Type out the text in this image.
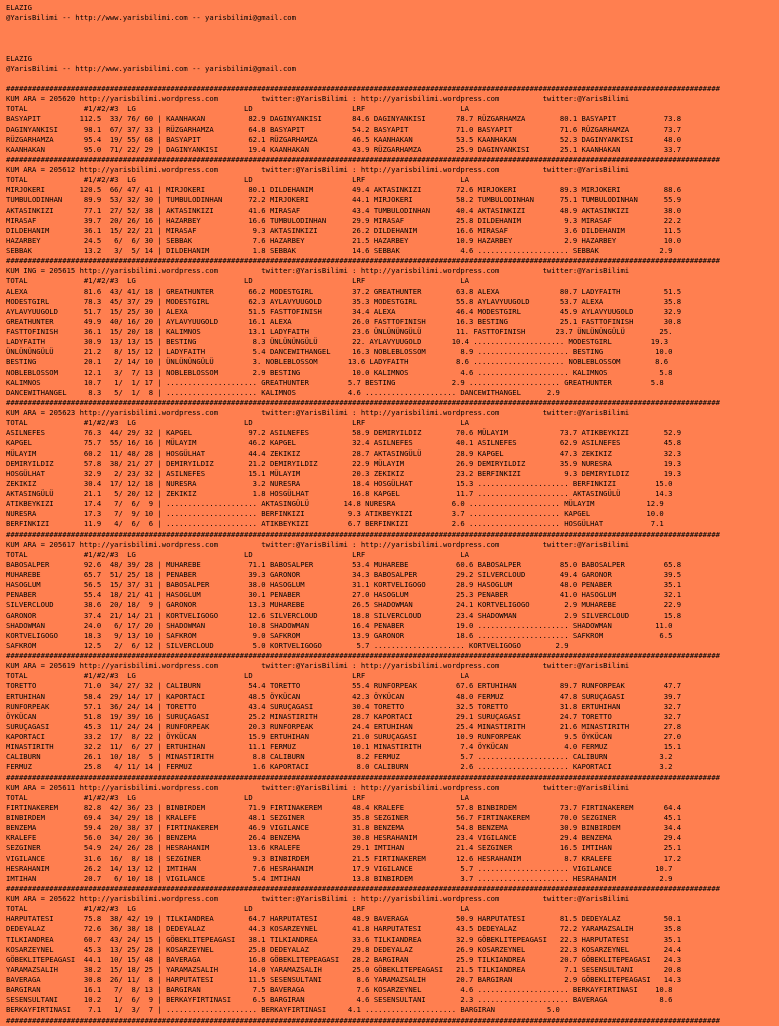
ELAZIG
@YarisBilimi -- http://www.yarisbilimi.com -- yarisbilimi@gmail.com
ELAZIG
@YarisBilimi -- http://www.yarisbilimi.com -- yarisbilimi@gmail.com
#####################################################################################################################################################################
KUM ARA = 205620 http://yarisbilimi.wordpress.com          twitter:@YarisBilimi : http://yarisbilimi.wordpress.com          twitter:@YarisBilimi
TOTAL             #1/#2/#3  LG                         LD                       LRF                      LA
BASYAPIT         112.5  33/ 76/ 60 | KAANHAKAN          82.9 DAGINYANKISI       84.6 DAGINYANKISI       78.7 RÜZGARHAMZA        80.1 BASYAPIT           73.8
DAGINYANKISI      98.1  67/ 37/ 33 | RÜZGARHAMZA        64.8 BASYAPIT           54.2 BASYAPIT           71.0 BASYAPIT           71.6 RÜZGARHAMZA        73.7
RÜZGARHAMZA       95.4  19/ 55/ 68 | BASYAPIT           62.1 RÜZGARHAMZA        46.5 KAANHAKAN          53.5 KAANHAKAN          52.3 DAGINYANKISI       48.0
KAANHAKAN         95.0  71/ 22/ 29 | DAGINYANKISI       19.4 KAANHAKAN          43.9 RÜZGARHAMZA        25.9 DAGINYANKISI       25.1 KAANHAKAN          33.7
#####################################################################################################################################################################
KUM ARA = 205612 http://yarisbilimi.wordpress.com          twitter:@YarisBilimi : http://yarisbilimi.wordpress.com          twitter:@YarisBilimi
TOTAL             #1/#2/#3  LG                         LD                       LRF                      LA
MIRJOKERI        120.5  66/ 47/ 41 | MIRJOKERI          80.1 DILDEHANIM         49.4 AKTASINKIZI        72.6 MIRJOKERI          89.3 MIRJOKERI          88.6
TUMBULODINHAN     89.9  53/ 32/ 30 | TUMBULODINHAN      72.2 MIRJOKERI          44.1 MIRJOKERI          58.2 TUMBULODINHAN      75.1 TUMBULODINHAN      55.9
AKTASINKIZI       77.1  27/ 52/ 38 | AKTASINKIZI        41.6 MIRASAF            43.4 TUMBULODINHAN      40.4 AKTASINKIZI        48.9 AKTASINKIZI        38.0
MIRASAF           39.7  20/ 26/ 16 | HAZARBEY           16.6 TUMBULODINHAN      29.9 MIRASAF            25.8 DILDEHANIM          9.3 MIRASAF            22.2
DILDEHANIM        36.1  15/ 22/ 21 | MIRASAF             9.3 AKTASINKIZI        26.2 DILDEHANIM         16.6 MIRASAF             3.6 DILDEHANIM         11.5
HAZARBEY          24.5   6/  6/ 30 | SEBBAK              7.6 HAZARBEY           21.5 HAZARBEY           10.9 HAZARBEY            2.9 HAZARBEY           10.0
SEBBAK            13.2   3/  5/ 14 | DILDEHANIM          1.8 SEBBAK             14.6 SEBBAK              4.6 ..................... SEBBAK              2.9
#####################################################################################################################################################################
KUM ING = 205615 http://yarisbilimi.wordpress.com          twitter:@YarisBilimi : http://yarisbilimi.wordpress.com          twitter:@YarisBilimi
TOTAL             #1/#2/#3  LG                         LD                       LRF                      LA
ALEXA             81.6  43/ 41/ 18 | GREATHUNTER        66.2 MODESTGIRL         37.2 GREATHUNTER        63.8 ALEXA              80.7 LADYFAITH          51.5
MODESTGIRL        78.3  45/ 37/ 29 | MODESTGIRL         62.3 AYLAVYUUGOLD       35.3 MODESTGIRL         55.8 AYLAVYUUGOLD       53.7 ALEXA              35.8
AYLAVYUUGOLD      51.7  15/ 25/ 30 | ALEXA              51.5 FASTTOFINISH       34.4 ALEXA              46.4 MODESTGIRL         45.9 AYLAVYUUGOLD       32.9
GREATHUNTER       49.9  40/ 16/ 20 | AYLAVYUUGOLD       16.1 ALEXA              26.0 FASTTOFINISH       16.3 BESTING            25.1 FASTTOFINISH       30.8
FASTTOFINISH      36.1  15/ 20/ 18 | KALIMNOS           13.1 LADYFAITH          23.6 ÜNLÜNÜNGÜLÜ        11. FASTTOFINISH       23.7 ÜNLÜNÜNGÜLÜ        25.
LADYFAITH         30.9  13/ 13/ 15 | BESTING             8.3 ÜNLÜNÜNGÜLÜ        22. AYLAVYUUGOLD       10.4 ..................... MODESTGIRL         19.3
ÜNLÜNÜNGÜLÜ       21.2   8/ 15/ 12 | LADYFAITH           5.4 DANCEWITHANGEL     16.3 NOBLEBLOSSOM        8.9 ..................... BESTING            10.0
BESTING           20.1   2/ 14/ 10 | ÜNLÜNÜNGÜLÜ         3. NOBLEBLOSSOM       13.6 LADYFAITH           8.6 ..................... NOBLEBLOSSOM        8.6
NOBLEBLOSSOM      12.1   3/  7/ 13 | NOBLEBLOSSOM        2.9 BESTING            10.0 KALIMNOS            4.6 ..................... KALIMNOS            5.8
KALIMNOS          10.7   1/  1/ 17 | ..................... GREATHUNTER         5.7 BESTING             2.9 ..................... GREATHUNTER         5.8
DANCEWITHANGEL     8.3   5/  1/  8 | ..................... KALIMNOS            4.6 ..................... DANCEWITHANGEL      2.9
#####################################################################################################################################################################
KUM ARA = 205623 http://yarisbilimi.wordpress.com          twitter:@YarisBilimi : http://yarisbilimi.wordpress.com          twitter:@YarisBilimi
TOTAL             #1/#2/#3  LG                         LD                       LRF                      LA
ASILNEFES         76.3  44/ 29/ 32 | KAPGEL             97.2 ASILNEFES          58.9 DEMIRYILDIZ        70.6 MÜLAYIM            73.7 ATIKBEYKIZI        52.9
KAPGEL            75.7  55/ 16/ 16 | MÜLAYIM            46.2 KAPGEL             32.4 ASILNEFES          40.1 ASILNEFES          62.9 ASILNEFES          45.8
MÜLAYIM           60.2  11/ 48/ 28 | HOSGÜLHAT          44.4 ZEKIKIZ            28.7 AKTASINGÜLÜ        28.9 KAPGEL             47.3 ZEKIKIZ            32.3
DEMIRYILDIZ       57.8  38/ 21/ 27 | DEMIRYILDIZ        21.2 DEMIRYILDIZ        22.9 MÜLAYIM            26.9 DEMIRYILDIZ        35.9 NURESRA            19.3
HOSGÜLHAT         32.9   2/ 23/ 32 | ASILNEFES          15.1 MÜLAYIM            20.3 ZEKIKIZ            23.2 BERFINKIZI          9.3 DEMIRYILDIZ        19.3
ZEKIKIZ           30.4  17/ 12/ 18 | NURESRA             3.2 NURESRA            18.4 HOSGÜLHAT          15.3 ..................... BERFINKIZI         15.0
AKTASINGÜLÜ       21.1   5/ 20/ 12 | ZEKIKIZ             1.8 HOSGÜLHAT          16.8 KAPGEL             11.7 ..................... AKTASINGÜLÜ        14.3
ATIKBEYKIZI       17.4   7/  6/  9 | ..................... AKTASINGÜLÜ        14.8 NURESRA             6.0 ..................... MÜLAYIM            12.9
NURESRA           17.3   7/  9/ 10 | ..................... BERFINKIZI          9.3 ATIKBEYKIZI         3.7 ..................... KAPGEL             10.0
BERFINKIZI        11.9   4/  6/  6 | ..................... ATIKBEYKIZI         6.7 BERFINKIZI          2.6 ..................... HOSGÜLHAT           7.1
#####################################################################################################################################################################
KUM ARA = 205617 http://yarisbilimi.wordpress.com          twitter:@YarisBilimi : http://yarisbilimi.wordpress.com          twitter:@YarisBilimi
TOTAL             #1/#2/#3  LG                         LD                       LRF                      LA
BABOSALPER        92.6  48/ 39/ 28 | MUHAREBE           71.1 BABOSALPER         53.4 MUHAREBE           60.6 BABOSALPER         85.0 BABOSALPER         65.8
MUHAREBE          65.7  51/ 25/ 18 | PENABER            39.3 GARONOR            34.3 BABOSALPER         29.2 SILVERCLOUD        49.4 GARONOR            39.5
HASOGLUM          56.5  15/ 37/ 31 | BABOSALPER         38.0 HASOGLUM           31.1 KORTVELIGOGO       28.9 HASOGLUM           48.0 PENABER            35.1
PENABER           55.4  18/ 21/ 41 | HASOGLUM           30.1 PENABER            27.0 HASOGLUM           25.3 PENABER            41.0 HASOGLUM           32.1
SILVERCLOUD       38.6  20/ 18/  9 | GARONOR            13.3 MUHAREBE           26.5 SHADOWMAN          24.1 KORTVELIGOGO        2.9 MUHAREBE           22.9
GARONOR           37.4  21/ 14/ 21 | KORTVELIGOGO       12.6 SILVERCLOUD        18.8 SILVERCLOUD        23.4 SHADOWMAN           2.9 SILVERCLOUD        15.8
SHADOWMAN         24.0   6/ 17/ 20 | SHADOWMAN          10.8 SHADOWMAN          16.4 PENABER            19.0 ..................... SHADOWMAN          11.0
KORTVELIGOGO      18.3   9/ 13/ 10 | SAFKROM             9.0 SAFKROM            13.9 GARONOR            18.6 ..................... SAFKROM             6.5
SAFKROM           12.5   2/  6/ 12 | SILVERCLOUD         5.0 KORTVELIGOGO        5.7 ..................... KORTVELIGOGO        2.9
#####################################################################################################################################################################
KUM ARA = 205619 http://yarisbilimi.wordpress.com          twitter:@YarisBilimi : http://yarisbilimi.wordpress.com          twitter:@YarisBilimi
TOTAL             #1/#2/#3  LG                         LD                       LRF                      LA
TORETTO           71.0  34/ 27/ 32 | CALIBURN           54.4 TORETTO            55.4 RUNFORPEAK         67.6 ERTUHIHAN          89.7 RUNFORPEAK         47.7
ERTUHIHAN         58.4  29/ 14/ 17 | KAPORTACI          48.5 ÖYKÜCAN            42.3 ÖYKÜCAN            48.0 FERMUZ             47.8 SURUÇAGASI         39.7
RUNFORPEAK        57.1  36/ 24/ 14 | TORETTO            43.4 SURUÇAGASI         30.4 TORETTO            32.5 TORETTO            31.8 ERTUHIHAN          32.7
ÖYKÜCAN           51.8  19/ 39/ 16 | SURUÇAGASI         25.2 MINASTIRITH        28.7 KAPORTACI          29.1 SURUÇAGASI         24.7 TORETTO            32.7
SURUÇAGASI        45.3  11/ 24/ 24 | RUNFORPEAK         20.3 RUNFORPEAK         24.4 ERTUHIHAN          25.4 MINASTIRITH        21.6 MINASTIRITH        27.8
KAPORTACI         33.2  17/  8/ 22 | ÖYKÜCAN            15.9 ERTUHIHAN          21.0 SURUÇAGASI         10.9 RUNFORPEAK          9.5 ÖYKÜCAN            27.0
MINASTIRITH       32.2  11/  6/ 27 | ERTUHIHAN          11.1 FERMUZ             10.1 MINASTIRITH         7.4 ÖYKÜCAN             4.0 FERMUZ             15.1
CALIBURN          26.1  10/ 18/  5 | MINASTIRITH         8.8 CALIBURN            8.2 FERMUZ              5.7 ..................... CALIBURN            3.2
FERMUZ            25.8   4/ 11/ 14 | FERMUZ              1.6 KAPORTACI           8.0 CALIBURN            2.6 ..................... KAPORTACI           3.2
#####################################################################################################################################################################
KUM ARA = 205611 http://yarisbilimi.wordpress.com          twitter:@YarisBilimi : http://yarisbilimi.wordpress.com          twitter:@YarisBilimi
TOTAL             #1/#2/#3  LG                         LD                       LRF                      LA
FIRTINAKEREM      82.8  42/ 36/ 23 | BINBIRDEM          71.9 FIRTINAKEREM       48.4 KRALEFE            57.8 BINBIRDEM          73.7 FIRTINAKEREM       64.4
BINBIRDEM         69.4  34/ 29/ 18 | KRALEFE            48.1 SEZGINER           35.8 SEZGINER           56.7 FIRTINAKEREM       70.0 SEZGINER           45.1
BENZEMA           59.4  20/ 38/ 37 | FIRTINAKEREM       46.9 VIGILANCE          31.8 BENZEMA            54.8 BENZEMA            30.9 BINBIRDEM          34.4
KRALEFE           56.0  34/ 20/ 36 | BENZEMA            26.4 BENZEMA            30.8 HESRAHANIM         23.4 VIGILANCE          29.4 BENZEMA            29.4
SEZGINER          54.9  24/ 26/ 28 | HESRAHANIM         13.6 KRALEFE            29.1 IMTIHAN            21.4 SEZGINER           16.5 IMTIHAN            25.1
VIGILANCE         31.6  16/  8/ 18 | SEZGINER            9.3 BINBIRDEM          21.5 FIRTINAKEREM       12.6 HESRAHANIM          8.7 KRALEFE            17.2
HESRAHANIM        26.2  14/ 13/ 12 | IMTIHAN             7.6 HESRAHANIM         17.9 VIGILANCE           5.7 ..................... VIGILANCE          10.7
IMTIHAN           20.7   6/ 10/ 18 | VIGILANCE           5.4 IMTIHAN            13.8 BINBIRDEM           3.7 ..................... HESRAHANIM          2.9
#####################################################################################################################################################################
KUM ARA = 205622 http://yarisbilimi.wordpress.com          twitter:@YarisBilimi : http://yarisbilimi.wordpress.com          twitter:@YarisBilimi
TOTAL             #1/#2/#3  LG                         LD                       LRF                      LA
HARPUTATESI       75.8  38/ 42/ 19 | TILKIANDREA        64.7 HARPUTATESI        48.9 BAVERAGA           50.9 HARPUTATESI        81.5 DEDEYALAZ          50.1
DEDEYALAZ         72.6  36/ 38/ 18 | DEDEYALAZ          44.3 KOSARZEYNEL        41.8 HARPUTATESI        43.5 DEDEYALAZ          72.2 YARAMAZSALIH       35.8
TILKIANDREA       60.7  43/ 24/ 15 | GÖBEKLITEPEAGASI   38.1 TILKIANDREA        33.6 TILKIANDREA        32.9 GÖBEKLITEPEAGASI   22.3 HARPUTATESI        35.1
KOSARZEYNEL       45.3  13/ 25/ 28 | KOSARZEYNEL        25.8 DEDEYALAZ          29.8 DEDEYALAZ          26.9 KOSARZEYNEL        22.3 KOSARZEYNEL        24.4
GÖBEKLITEPEAGASI  44.1  10/ 15/ 48 | BAVERAGA           16.8 GÖBEKLITEPEAGASI   28.2 BARGIRAN           25.9 TILKIANDREA        20.7 GÖBEKLITEPEAGASI   24.3
YARAMAZSALIH      38.2  15/ 18/ 25 | YARAMAZSALIH       14.0 YARAMAZSALIH       25.0 GÖBEKLITEPEAGASI   21.5 TILKIANDREA         7.1 SESENSULTANI       20.8
BAVERAGA          30.8  26/ 11/  8 | HARPUTATESI        11.5 SESENSULTANI        8.6 YARAMAZSALIH       20.7 BARGIRAN            2.9 GÖBEKLITEPEAGASI   14.3
BARGIRAN          16.1   7/  8/ 13 | BARGIRAN            7.5 BAVERAGA            7.6 KOSARZEYNEL         4.6 ..................... BERKAYFIRTINASI    10.8
SESENSULTANI      10.2   1/  6/  9 | BERKAYFIRTINASI     6.5 BARGIRAN            4.6 SESENSULTANI        2.3 ..................... BAVERAGA            8.6
BERKAYFIRTINASI    7.1   1/  3/  7 | ..................... BERKAYFIRTINASI     4.1 ..................... BARGIRAN            5.0
#####################################################################################################################################################################
